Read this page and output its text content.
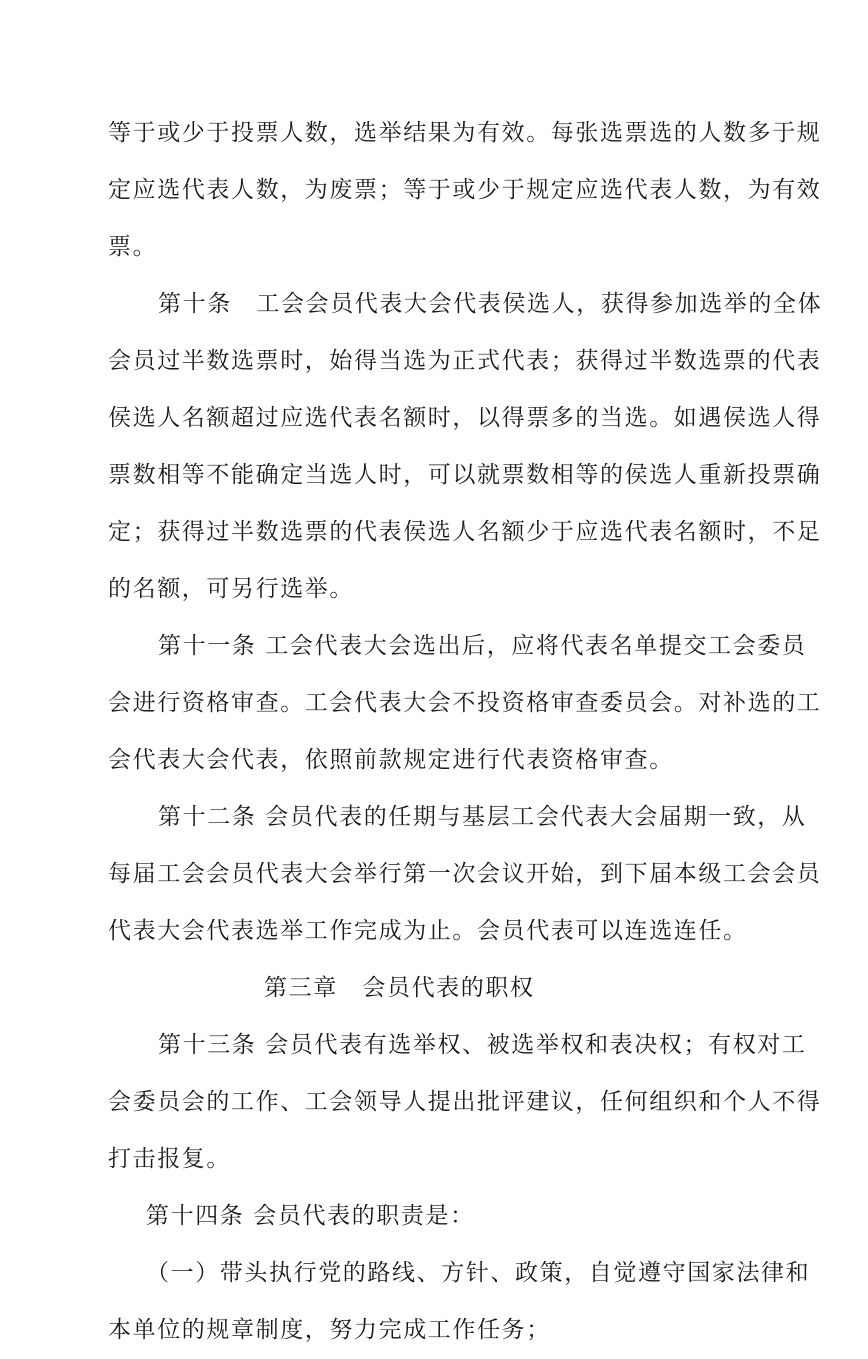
等于或少于投票人数，选举结果为有效。每张选票选的人数多于规
定应选代表人数，为废票；等于或少于规定应选代表人数，为有效
票。
第十条　工会会员代表大会代表侯选人，获得参加选举的全体
会员过半数选票时，始得当选为正式代表；获得过半数选票的代表
侯选人名额超过应选代表名额时，以得票多的当选。如遇侯选人得
票数相等不能确定当选人时，可以就票数相等的侯选人重新投票确
定；获得过半数选票的代表侯选人名额少于应选代表名额时，不足
的名额，可另行选举。
第十一条 工会代表大会选出后，应将代表名单提交工会委员
会进行资格审查。工会代表大会不投资格审查委员会。对补选的工
会代表大会代表，依照前款规定进行代表资格审查。
第十二条 会员代表的任期与基层工会代表大会届期一致，从
每届工会会员代表大会举行第一次会议开始，到下届本级工会会员
代表大会代表选举工作完成为止。会员代表可以连选连任。
第三章　会员代表的职权
第十三条 会员代表有选举权、被选举权和表决权；有权对工
会委员会的工作、工会领导人提出批评建议，任何组织和个人不得
打击报复。
第十四条 会员代表的职责是：
（一）带头执行党的路线、方针、政策，自觉遵守国家法律和
本单位的规章制度，努力完成工作任务；
